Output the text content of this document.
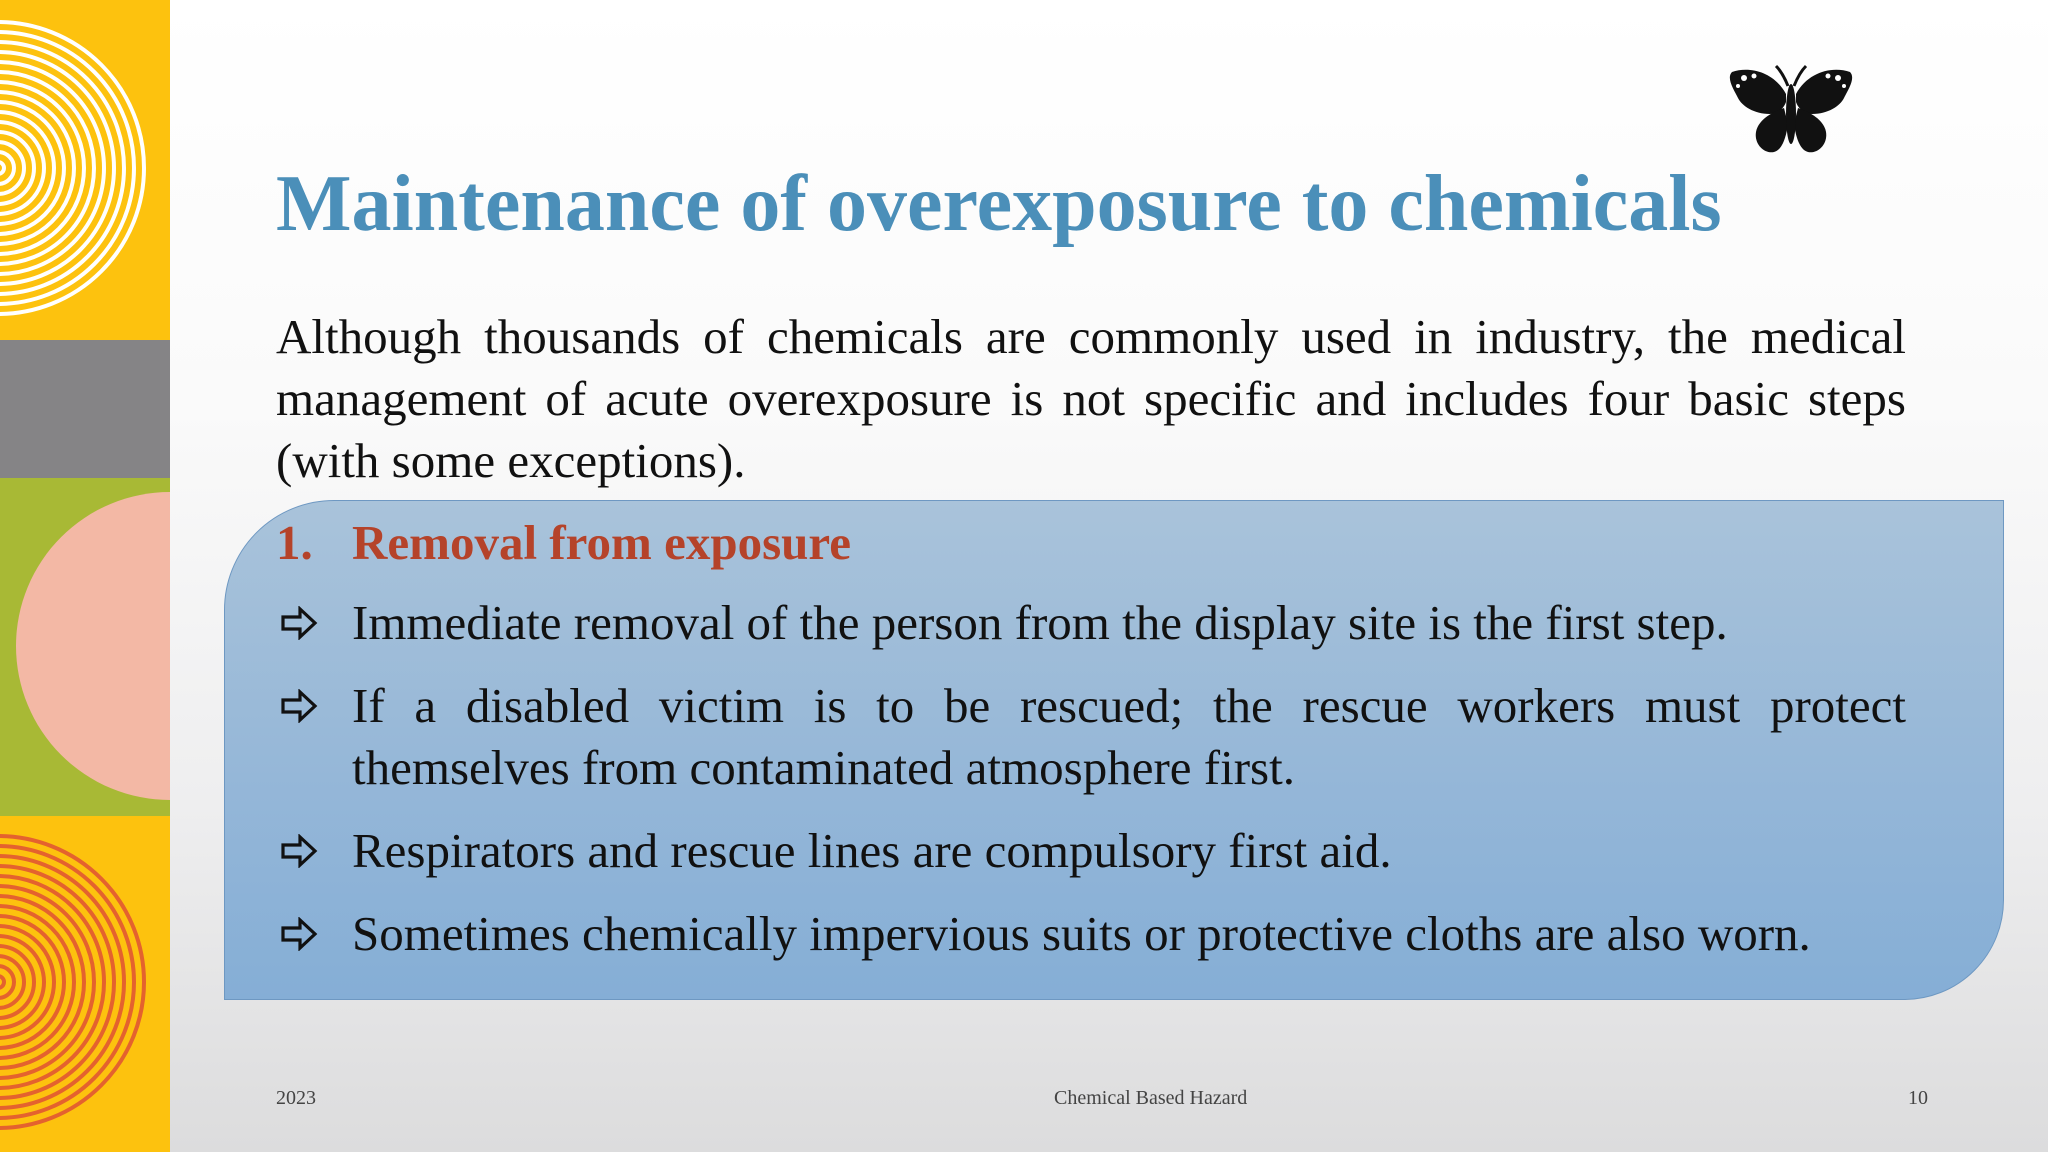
Maintenance of overexposure to chemicals

Although thousands of chemicals are commonly used in industry, the medical management of acute overexposure is not specific and includes four basic steps (with some exceptions).

1. Removal from exposure
Immediate removal of the person from the display site is the first step.
If a disabled victim is to be rescued; the rescue workers must protect themselves from contaminated atmosphere first.
Respirators and rescue lines are compulsory first aid.
Sometimes chemically impervious suits or protective cloths are also worn.
2023	Chemical Based Hazard	10
